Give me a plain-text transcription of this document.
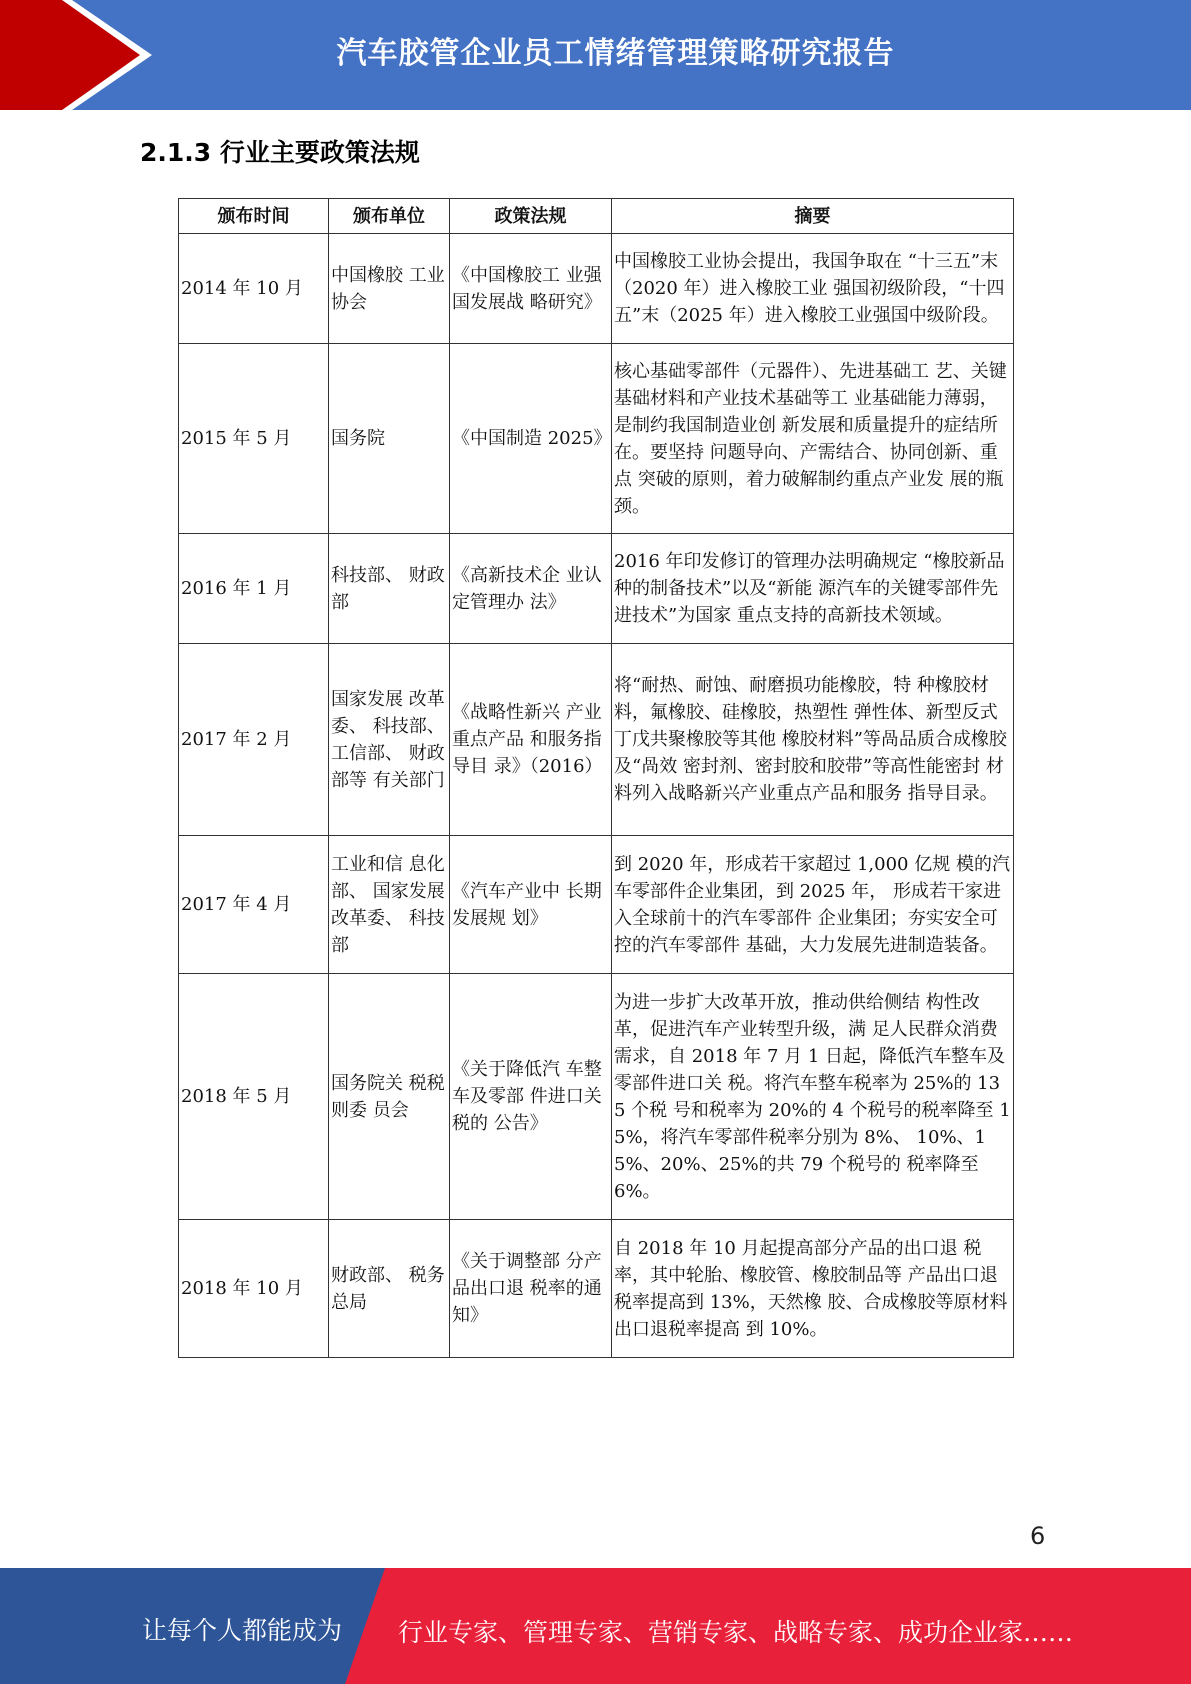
汽车胶管企业员工情绪管理策略研究报告
2.1.3 行业主要政策法规
颁布时间	颁布单位	政策法规	摘要
2014 年 10 月	中国橡胶 工业协会	《中国橡胶工 业强国发展战 略研究》	中国橡胶工业协会提出，我国争取在 “十三五”末（2020 年）进入橡胶工业 强国初级阶段，“十四五”末（2025 年）进入橡胶工业强国中级阶段。
2015 年 5 月	国务院	《中国制造 2025》	核心基础零部件（元器件）、先进基础工 艺、关键基础材料和产业技术基础等工 业基础能力薄弱，是制约我国制造业创 新发展和质量提升的症结所在。要坚持 问题导向、产需结合、协同创新、重点 突破的原则，着力破解制约重点产业发 展的瓶颈。
2016 年 1 月	科技部、 财政部	《高新技术企 业认定管理办 法》	2016 年印发修订的管理办法明确规定 “橡胶新品种的制备技术”以及“新能 源汽车的关键零部件先进技术”为国家 重点支持的高新技术领域。
2017 年 2 月	国家发展 改革委、 科技部、 工信部、 财政部等 有关部门	《战略性新兴 产业重点产品 和服务指导目 录》（2016）	将“耐热、耐蚀、耐磨损功能橡胶，特 种橡胶材料，氟橡胶、硅橡胶，热塑性 弹性体、新型反式丁戊共聚橡胶等其他 橡胶材料”等咼品质合成橡胶及“咼效 密封剂、密封胶和胶带”等高性能密封 材料列入战略新兴产业重点产品和服务 指导目录。
2017 年 4 月	工业和信 息化部、 国家发展 改革委、 科技部	《汽车产业中 长期发展规 划》	到 2020 年，形成若干家超过 1,000 亿规 模的汽车零部件企业集团，到 2025 年， 形成若干家进入全球前十的汽车零部件 企业集团；夯实安全可控的汽车零部件 基础，大力发展先进制造装备。
2018 年 5 月	国务院关 税税则委 员会	《关于降低汽 车整车及零部 件进口关税的 公告》	为进一步扩大改革开放，推动供给侧结 构性改革，促进汽车产业转型升级，满 足人民群众消费需求，自 2018 年 7 月 1 日起，降低汽车整车及零部件进口关 税。将汽车整车税率为 25%的 135 个税 号和税率为 20%的 4 个税号的税率降至 15%，将汽车零部件税率分别为 8%、 10%、15%、20%、25%的共 79 个税号的 税率降至 6%。
2018 年 10 月	财政部、 税务总局	《关于调整部 分产品出口退 税率的通知》	自 2018 年 10 月起提高部分产品的出口退 税率，其中轮胎、橡胶管、橡胶制品等 产品出口退税率提高到 13%，天然橡 胶、合成橡胶等原材料出口退税率提高 到 10%。
6
让每个人都能成为 行业专家、管理专家、营销专家、战略专家、成功企业家……
